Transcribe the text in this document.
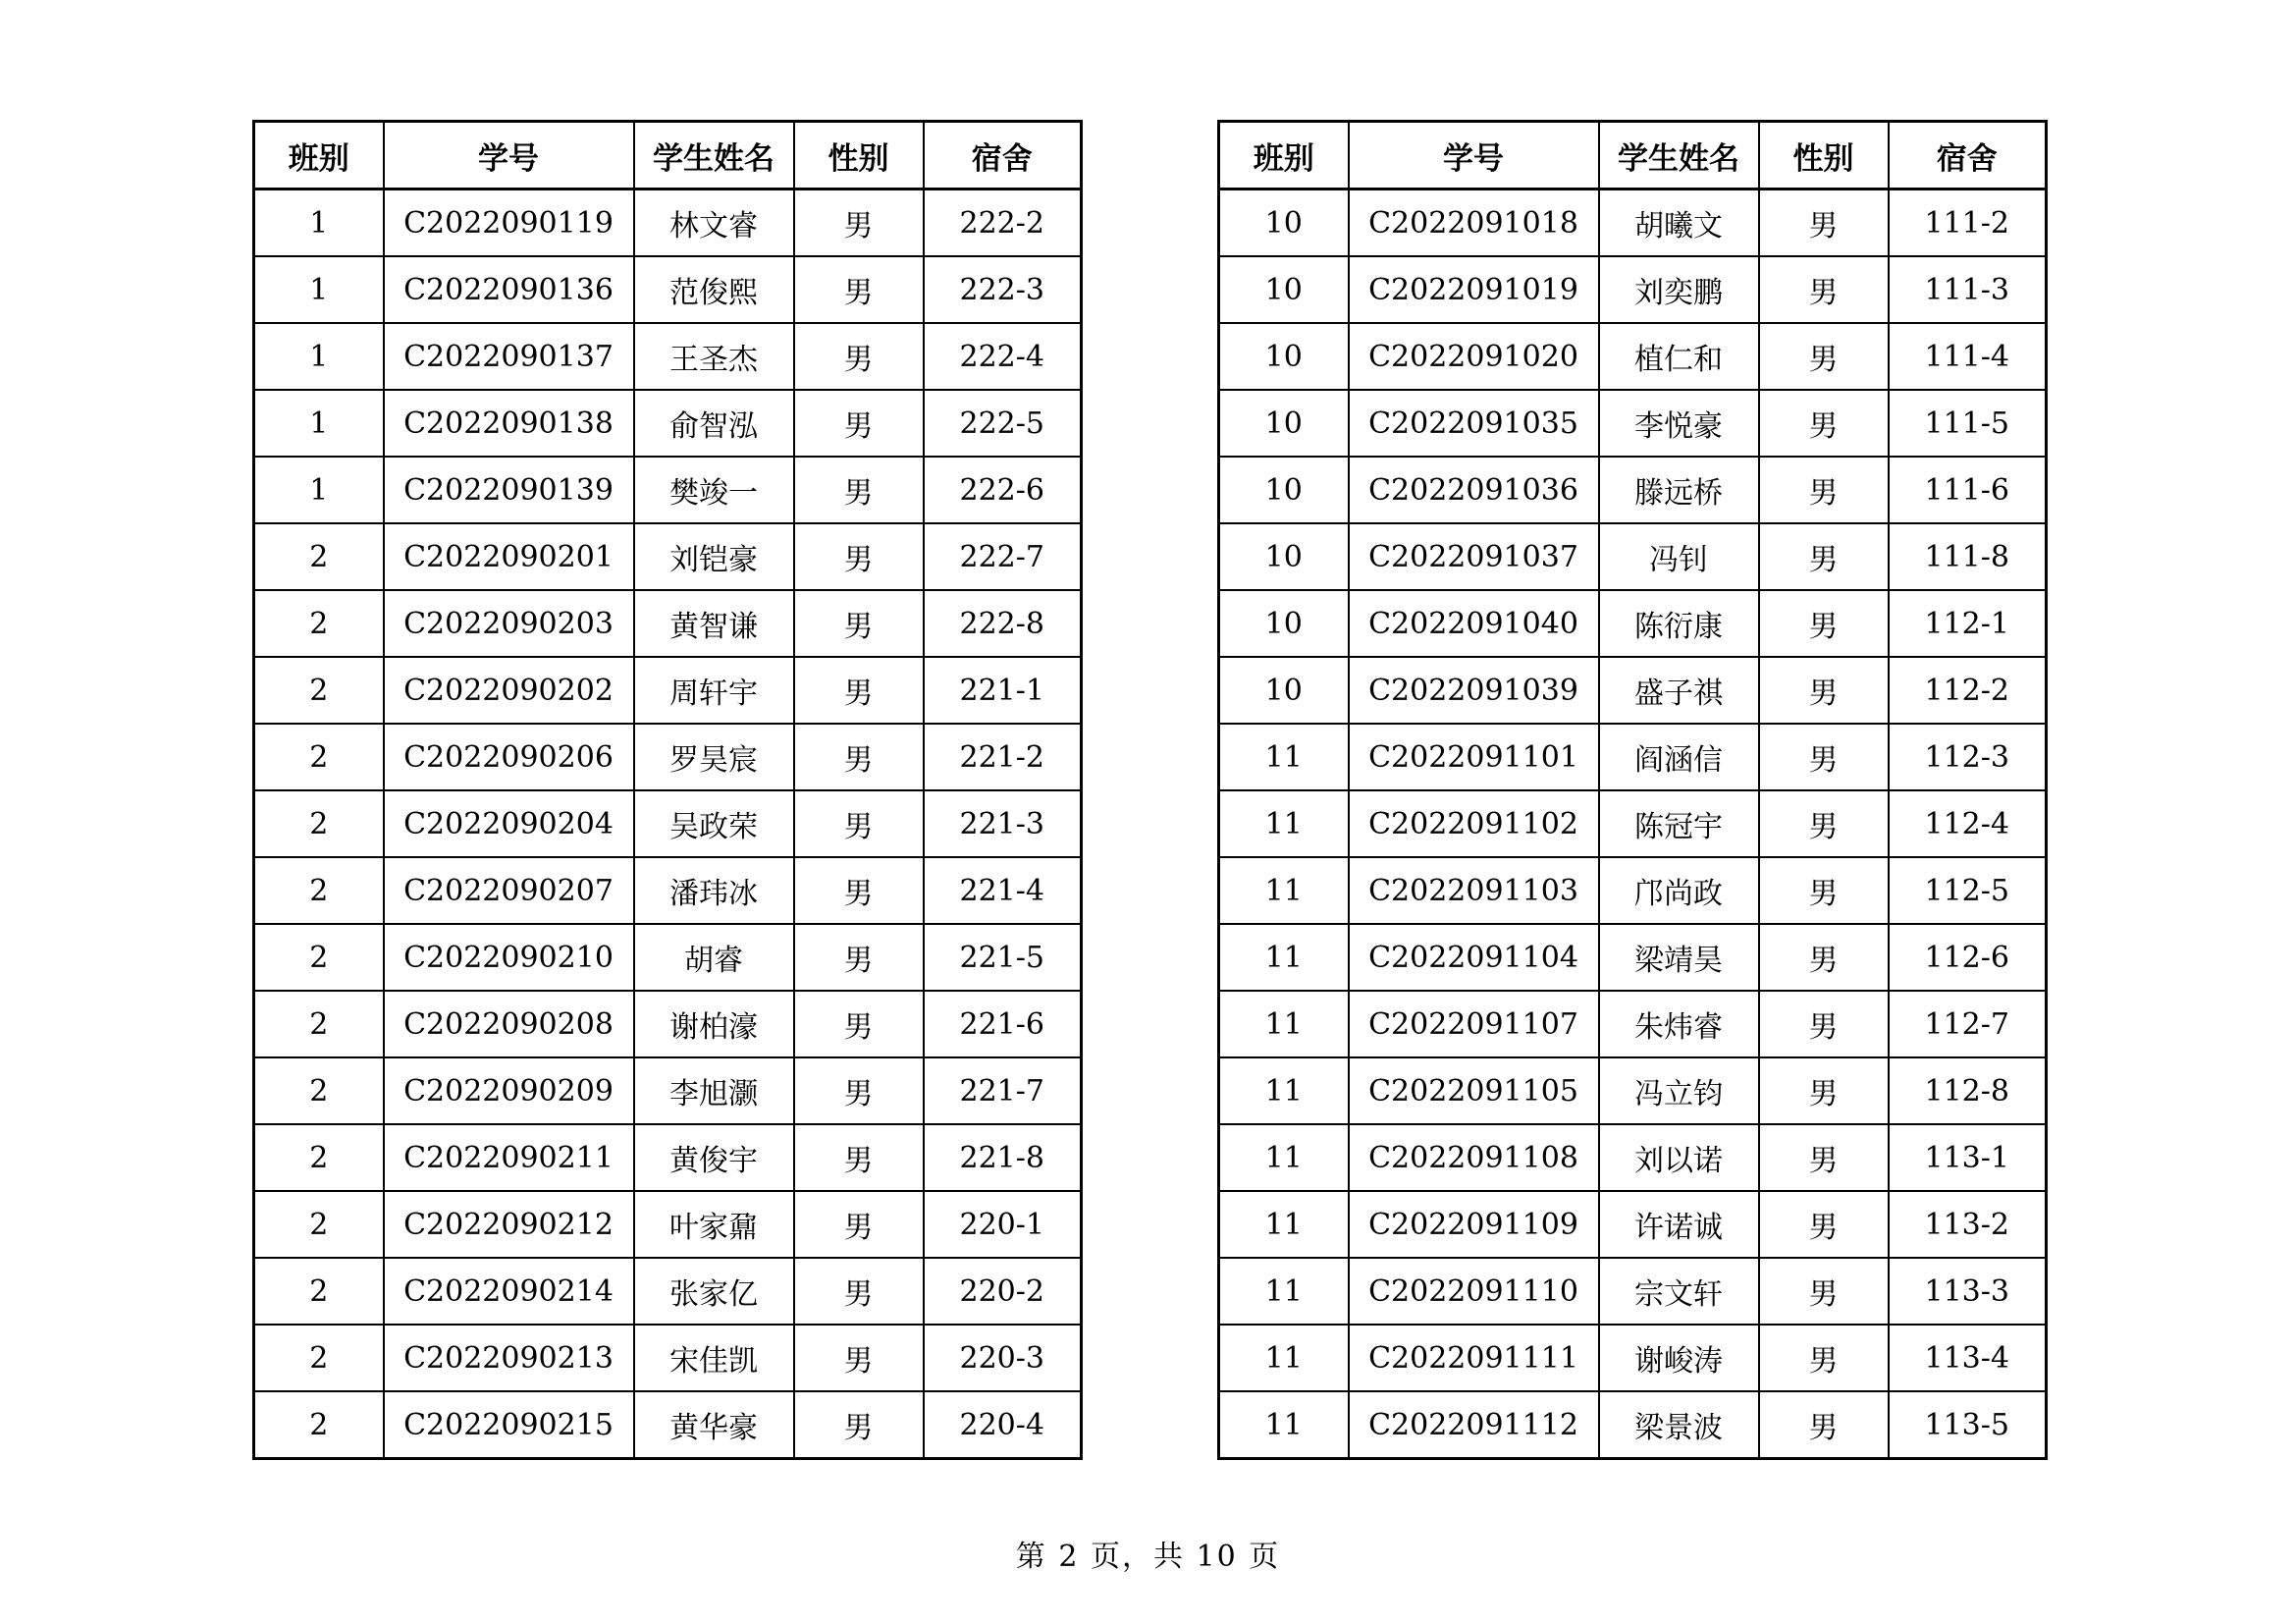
班别	学号	学生姓名	性别	宿舍
1	C2022090119	林文睿	男	222-2
1	C2022090136	范俊熙	男	222-3
1	C2022090137	王圣杰	男	222-4
1	C2022090138	俞智泓	男	222-5
1	C2022090139	樊竣一	男	222-6
2	C2022090201	刘铠豪	男	222-7
2	C2022090203	黄智谦	男	222-8
2	C2022090202	周轩宇	男	221-1
2	C2022090206	罗昊宸	男	221-2
2	C2022090204	吴政荣	男	221-3
2	C2022090207	潘玮冰	男	221-4
2	C2022090210	胡睿	男	221-5
2	C2022090208	谢柏濠	男	221-6
2	C2022090209	李旭灏	男	221-7
2	C2022090211	黄俊宇	男	221-8
2	C2022090212	叶家鼐	男	220-1
2	C2022090214	张家亿	男	220-2
2	C2022090213	宋佳凯	男	220-3
2	C2022090215	黄华豪	男	220-4
班别	学号	学生姓名	性别	宿舍
10	C2022091018	胡曦文	男	111-2
10	C2022091019	刘奕鹏	男	111-3
10	C2022091020	植仁和	男	111-4
10	C2022091035	李悦豪	男	111-5
10	C2022091036	滕远桥	男	111-6
10	C2022091037	冯钊	男	111-8
10	C2022091040	陈衍康	男	112-1
10	C2022091039	盛子祺	男	112-2
11	C2022091101	阎涵信	男	112-3
11	C2022091102	陈冠宇	男	112-4
11	C2022091103	邝尚政	男	112-5
11	C2022091104	梁靖昊	男	112-6
11	C2022091107	朱炜睿	男	112-7
11	C2022091105	冯立钧	男	112-8
11	C2022091108	刘以诺	男	113-1
11	C2022091109	许诺诚	男	113-2
11	C2022091110	宗文轩	男	113-3
11	C2022091111	谢峻涛	男	113-4
11	C2022091112	梁景波	男	113-5
第 2 页，共 10 页
